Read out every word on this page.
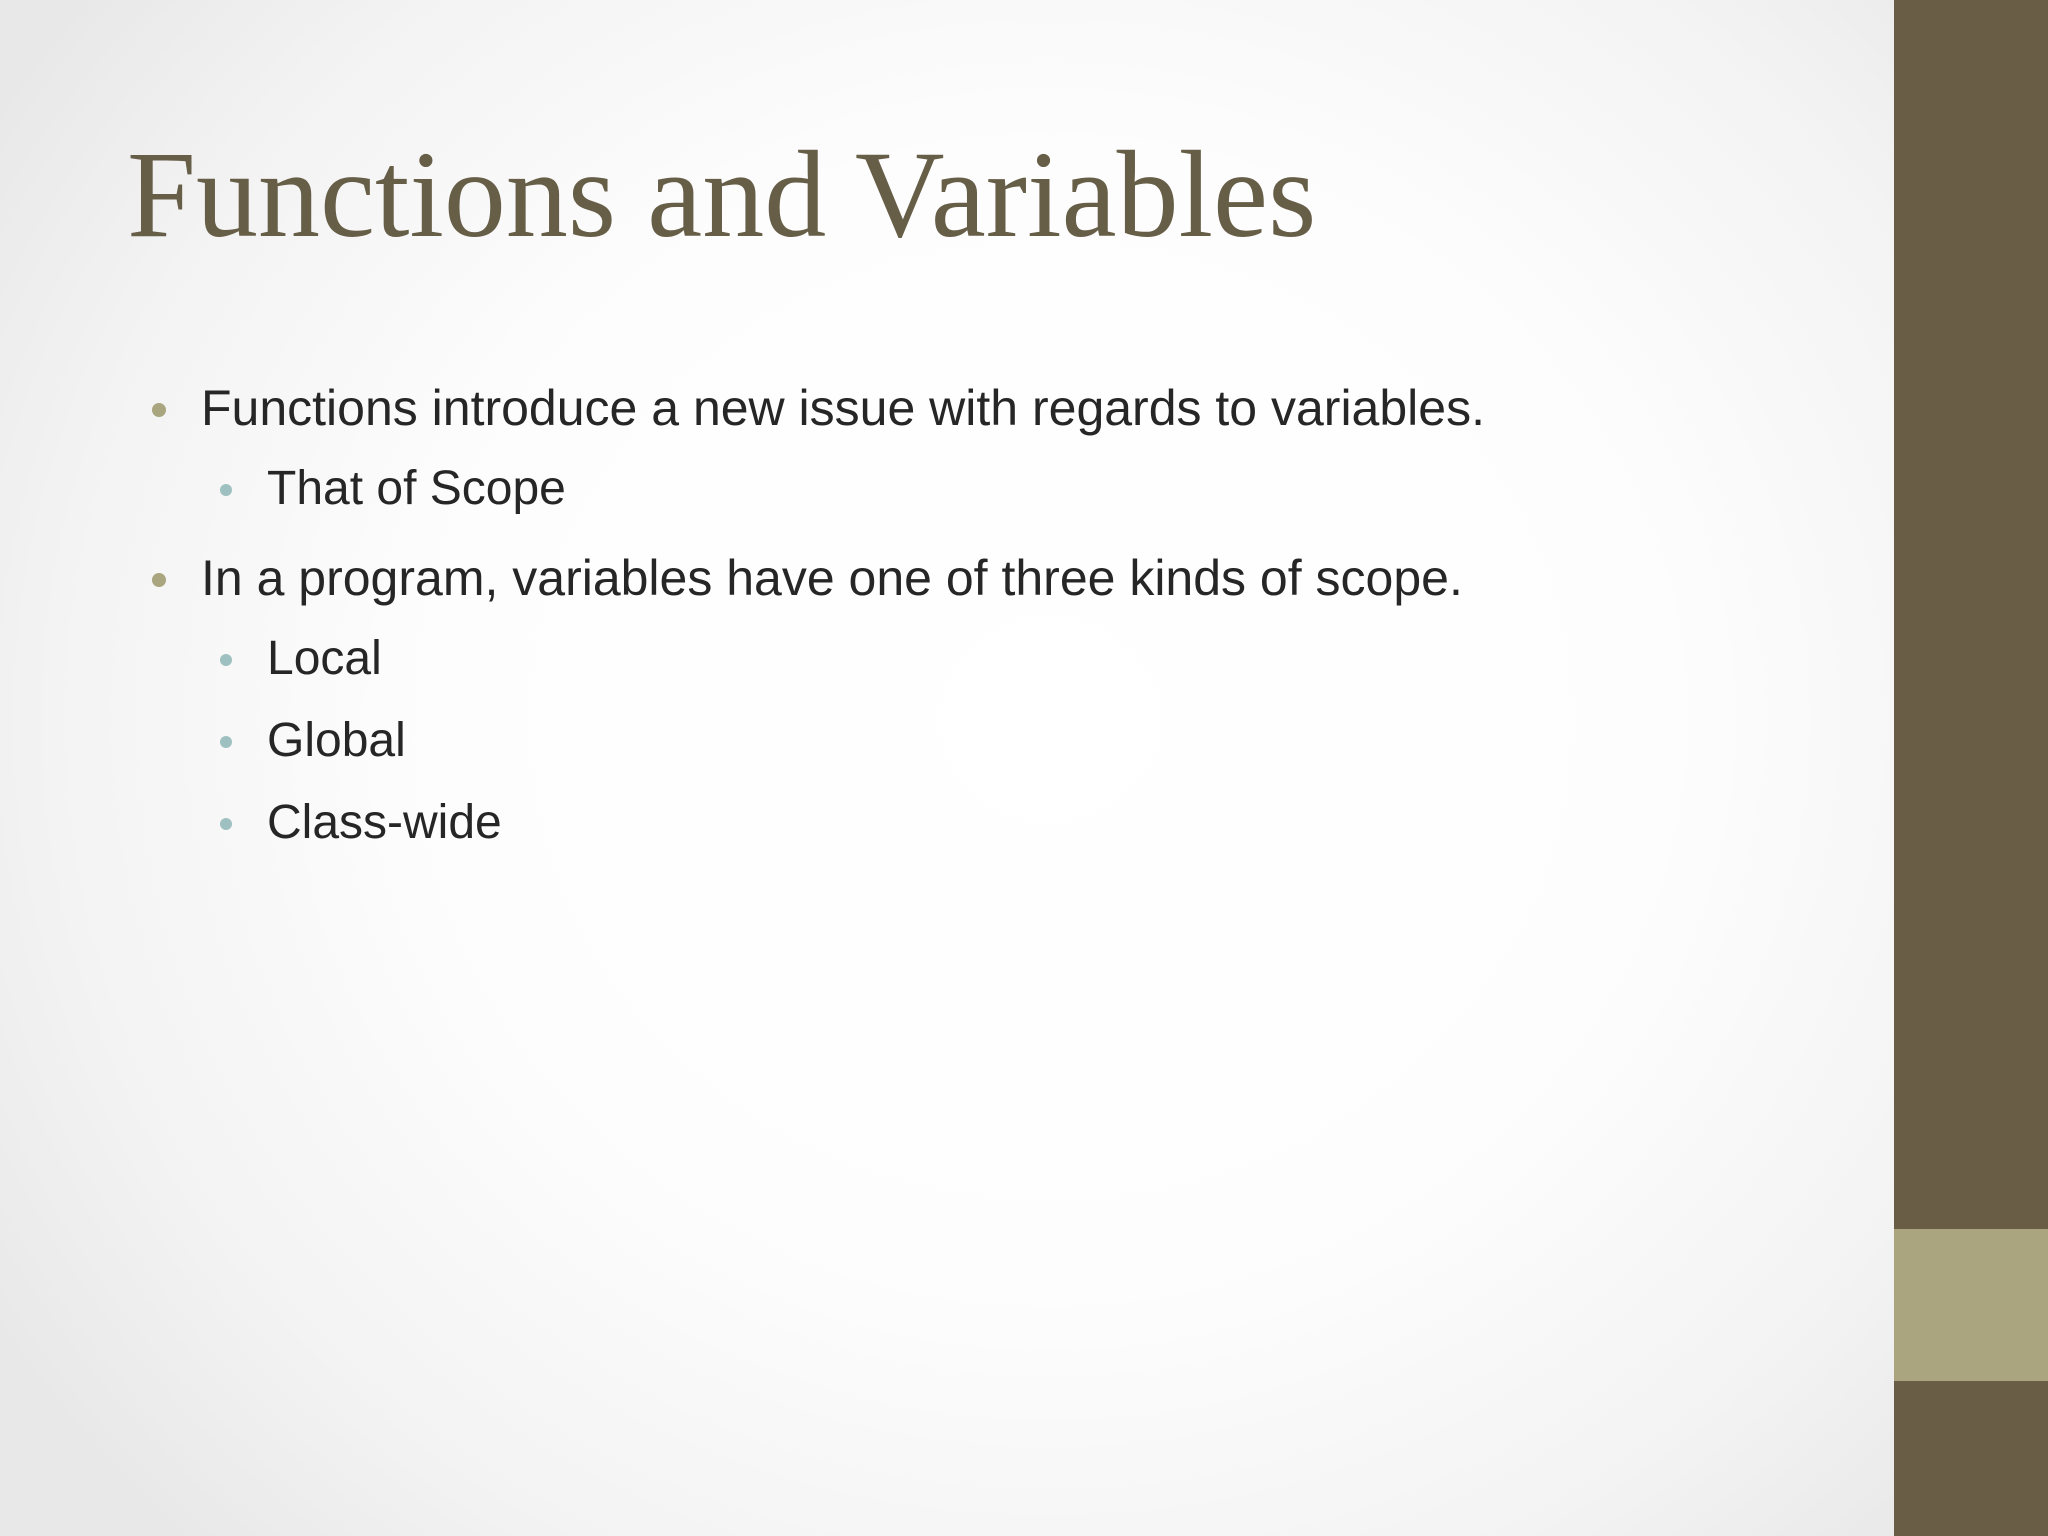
Functions and Variables
Functions introduce a new issue with regards to variables.
That of Scope
In a program, variables have one of three kinds of scope.
Local
Global
Class-wide
